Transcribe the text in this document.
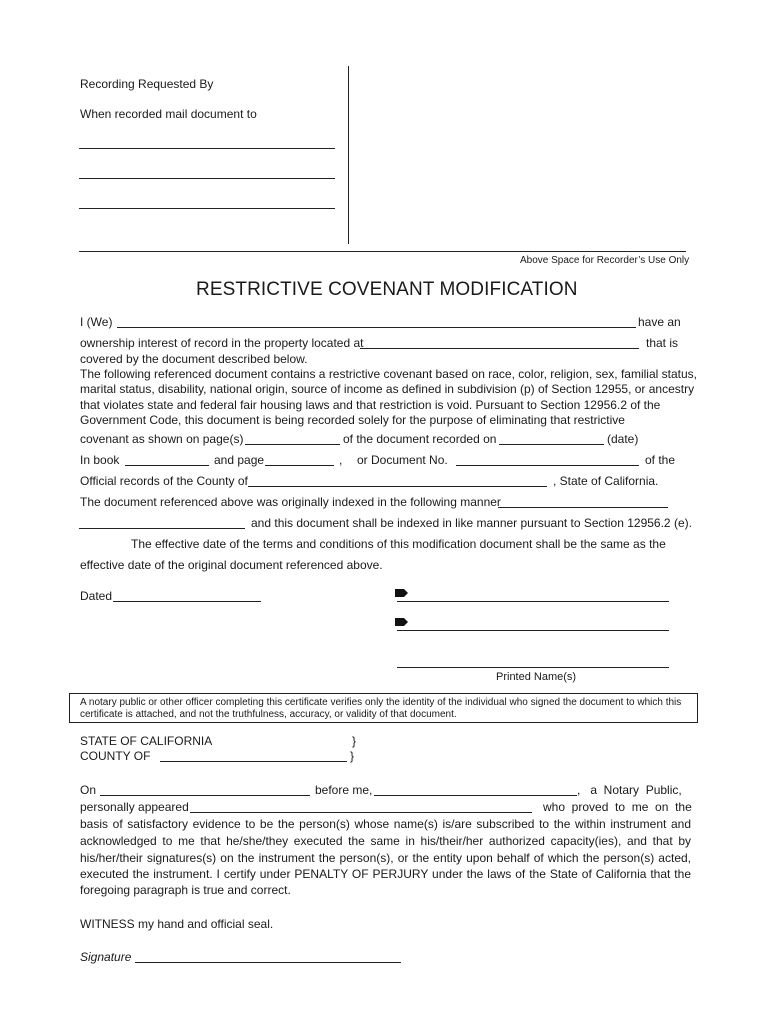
Recording Requested By
When recorded mail document to
Above Space for Recorder’s Use Only
RESTRICTIVE COVENANT MODIFICATION
I (We)	have an
ownership interest of record in the property located at	that is
covered by the document described below.
The following referenced document contains a restrictive covenant based on race, color, religion, sex, familial status,
marital status, disability, national origin, source of income as defined in subdivision (p) of Section 12955, or ancestry
that violates state and federal fair housing laws and that restriction is void. Pursuant to Section 12956.2 of the
Government Code, this document is being recorded solely for the purpose of eliminating that restrictive
covenant as shown on page(s)	of the document recorded on	(date)
In book	and page	, or Document No.	of the
Official records of the County of	, State of California.
The document referenced above was originally indexed in the following manner
and this document shall be indexed in like manner pursuant to Section 12956.2 (e).
The effective date of the terms and conditions of this modification document shall be the same as the
effective date of the original document referenced above.
Dated
Printed Name(s)
A notary public or other officer completing this certificate verifies only the identity of the individual who signed the document to which this
certificate is attached, and not the truthfulness, accuracy, or validity of that document.
STATE OF CALIFORNIA	}
COUNTY OF	}
On	before me,	,   a  Notary  Public,
personally appeared	who  proved  to  me  on  the
basis of satisfactory evidence to be the person(s) whose name(s) is/are subscribed to the within instrument and
acknowledged to me that he/she/they executed the same in his/their/her authorized capacity(ies), and that by
his/her/their signatures(s) on the instrument the person(s), or the entity upon behalf of which the person(s) acted,
executed the instrument. I certify under PENALTY OF PERJURY under the laws of the State of California that the
foregoing paragraph is true and correct.
WITNESS my hand and official seal.
Signature
